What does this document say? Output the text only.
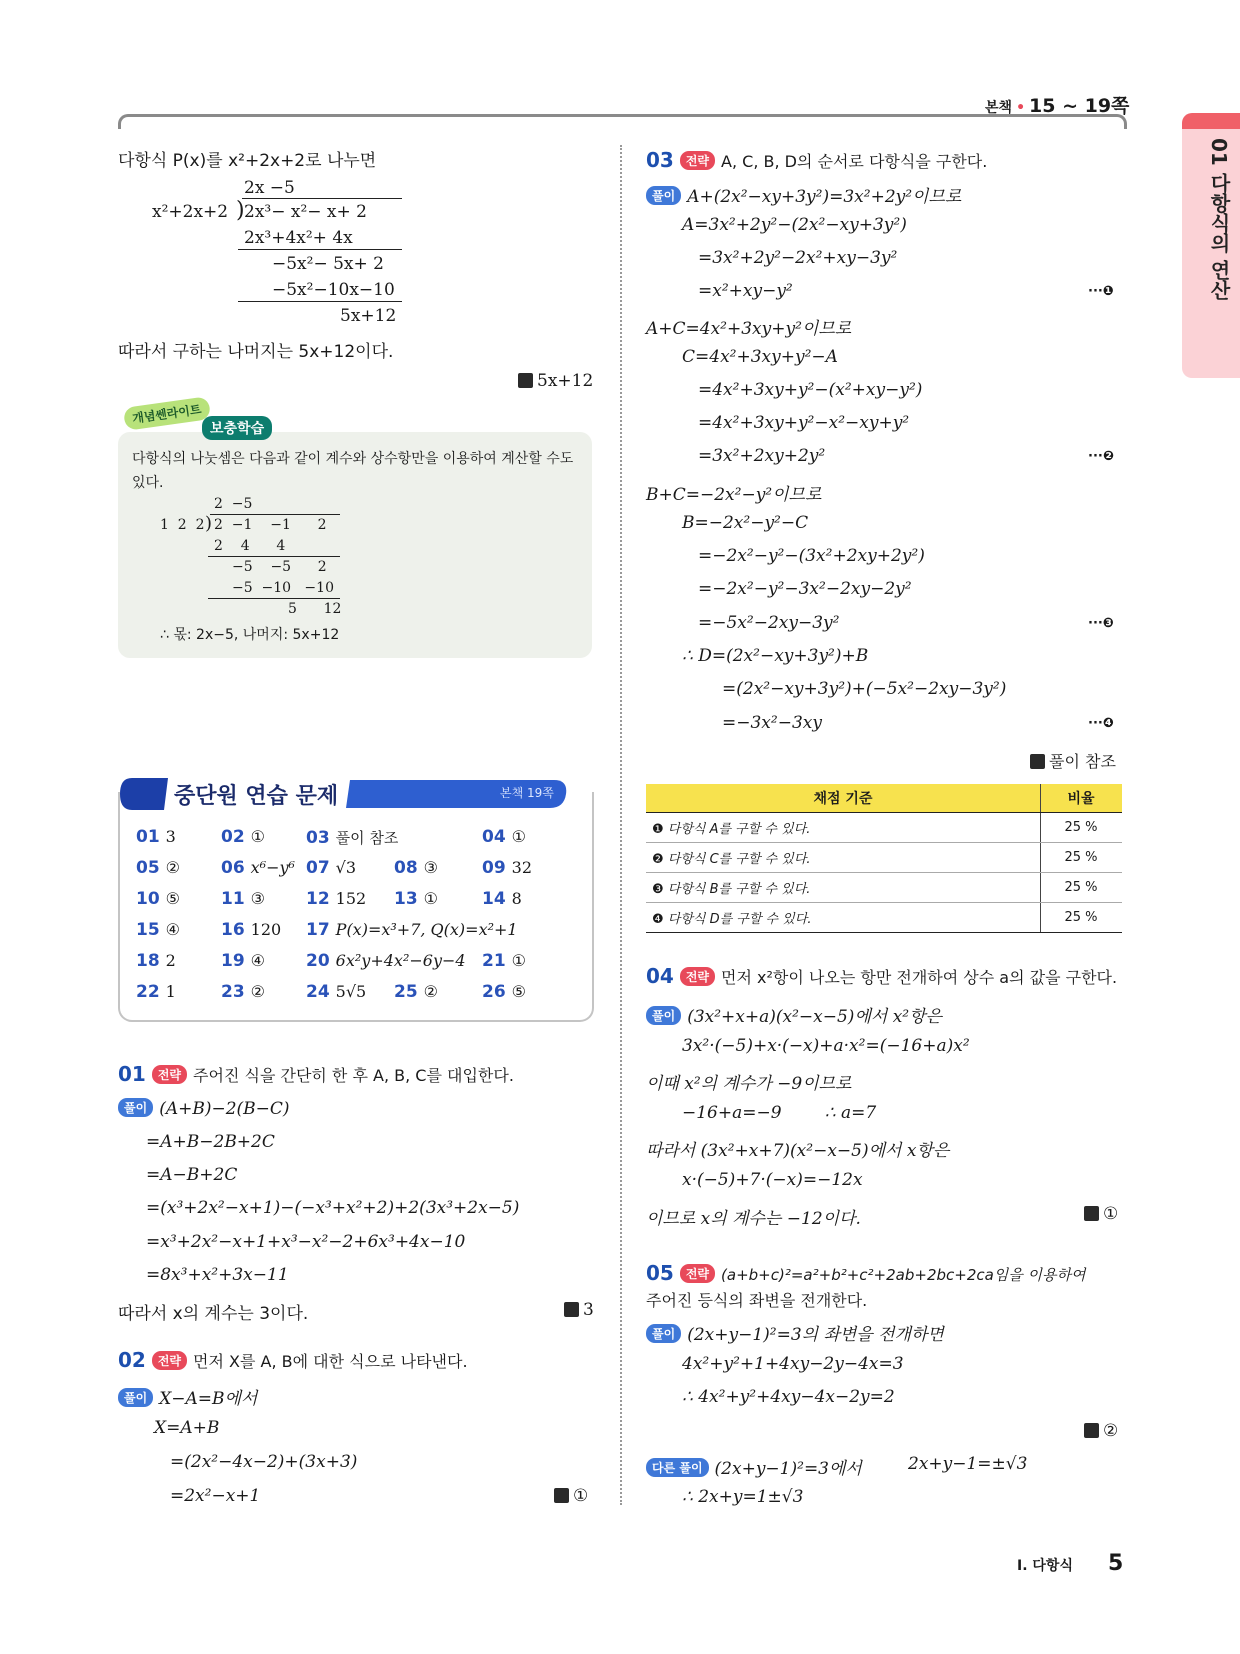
본책 • 15 ~ 19쪽
01 다항식의 연산
다항식 P(x)를 x²+2x+2로 나누면
2x −5
x²+2x+2 ) 2x³− x²− x+ 2
2x³+4x²+ 4x
−5x²− 5x+ 2
−5x²−10x−10
5x+12
따라서 구하는 나머지는 5x+12이다.
5x+12
개념쎈라이트
보충학습
다항식의 나눗셈은 다음과 같이 계수와 상수항만을 이용하여 계산할 수도
있다.
2  −5
1  2  2 ) 2  −1    −1      2
2    4      4
−5    −5      2
−5  −10   −10
5      12
∴ 몫: 2x−5, 나머지: 5x+12
중단원 연습 문제	본책 19쪽
01 3	02 ① 03 풀이 참조	04 ①
05 ② 06 x⁶−y⁶ 07 √3 08 ③	09 32
10 ⑤ 11 ③ 12 152 13 ①	14 8
15 ④ 16 120 17 P(x)=x³+7, Q(x)=x²+1
18 2	19 ④ 20 6x²y+4x²−6y−4 21 ①
22 1	23 ② 24 5√5 25 ②	26 ⑤
01 전략 주어진 식을 간단히 한 후 A, B, C를 대입한다.
풀이 (A+B)−2(B−C)
=A+B−2B+2C
=A−B+2C
=(x³+2x²−x+1)−(−x³+x²+2)+2(3x³+2x−5)
=x³+2x²−x+1+x³−x²−2+6x³+4x−10
=8x³+x²+3x−11
따라서 x의 계수는 3이다.	3
02 전략 먼저 X를 A, B에 대한 식으로 나타낸다.
풀이 X−A=B에서
X=A+B
=(2x²−4x−2)+(3x+3)
=2x²−x+1	①
03 전략 A, C, B, D의 순서로 다항식을 구한다.
풀이 A+(2x²−xy+3y²)=3x²+2y²이므로
A=3x²+2y²−(2x²−xy+3y²)
=3x²+2y²−2x²+xy−3y²
=x²+xy−y²	···❶
A+C=4x²+3xy+y²이므로
C=4x²+3xy+y²−A
=4x²+3xy+y²−(x²+xy−y²)
=4x²+3xy+y²−x²−xy+y²
=3x²+2xy+2y²	···❷
B+C=−2x²−y²이므로
B=−2x²−y²−C
=−2x²−y²−(3x²+2xy+2y²)
=−2x²−y²−3x²−2xy−2y²
=−5x²−2xy−3y²	···❸
∴ D=(2x²−xy+3y²)+B
=(2x²−xy+3y²)+(−5x²−2xy−3y²)
=−3x²−3xy	···❹
풀이 참조
채점 기준	비율
❶ 다항식 A를 구할 수 있다.	25 %
❷ 다항식 C를 구할 수 있다.	25 %
❸ 다항식 B를 구할 수 있다.	25 %
❹ 다항식 D를 구할 수 있다.	25 %
04 전략 먼저 x²항이 나오는 항만 전개하여 상수 a의 값을 구한다.
풀이 (3x²+x+a)(x²−x−5)에서 x²항은
3x²·(−5)+x·(−x)+a·x²=(−16+a)x²
이때 x²의 계수가 −9이므로
−16+a=−9        ∴ a=7
따라서 (3x²+x+7)(x²−x−5)에서 x항은
x·(−5)+7·(−x)=−12x
이므로 x의 계수는 −12이다.	①
05 전략 (a+b+c)²=a²+b²+c²+2ab+2bc+2ca임을 이용하여
주어진 등식의 좌변을 전개한다.
풀이 (2x+y−1)²=3의 좌변을 전개하면
4x²+y²+1+4xy−2y−4x=3
∴ 4x²+y²+4xy−4x−2y=2
②
다른 풀이 (2x+y−1)²=3에서	2x+y−1=±√3
∴ 2x+y=1±√3
Ⅰ. 다항식 5
